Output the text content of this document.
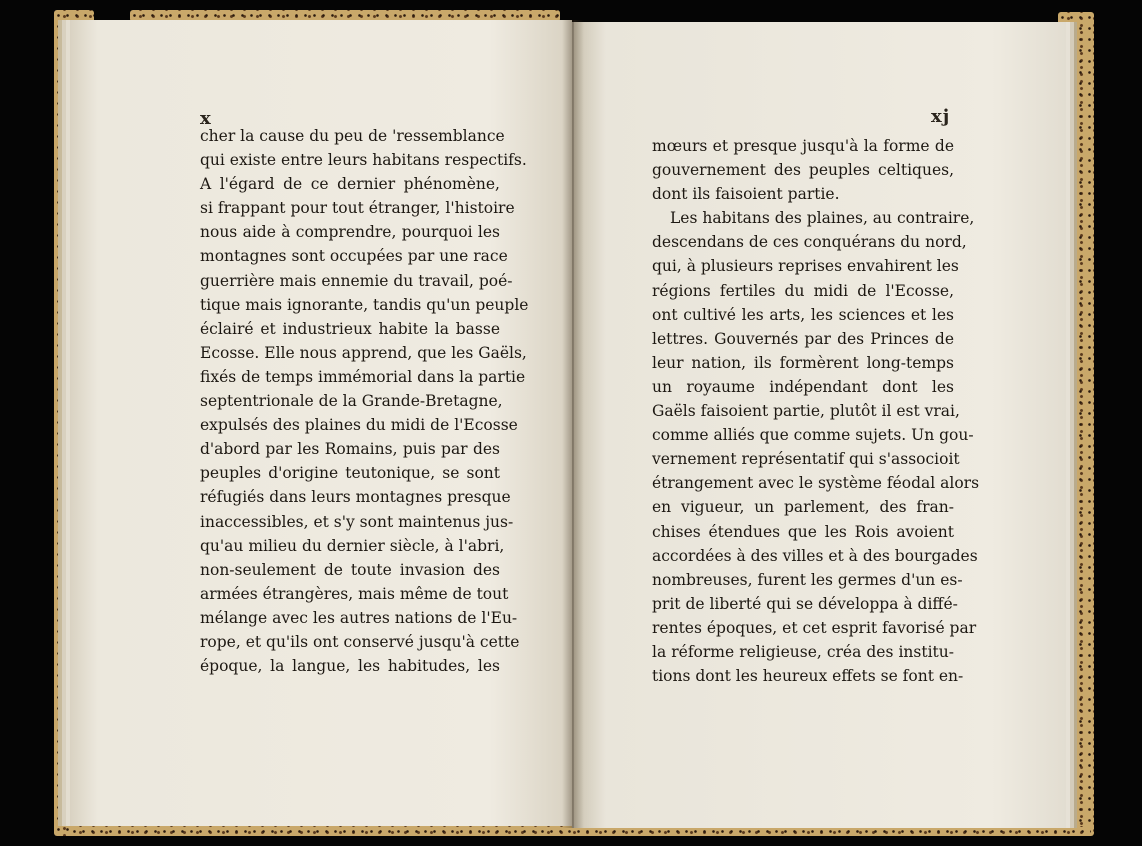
x
cher la cause du peu de 'ressemblance
qui existe entre leurs habitans respectifs.
A l'égard de ce dernier phénomène,
si frappant pour tout étranger, l'histoire
nous aide à comprendre, pourquoi les
montagnes sont occupées par une race
guerrière mais ennemie du travail, poé-
tique mais ignorante, tandis qu'un peuple
éclairé et industrieux habite la basse
Ecosse. Elle nous apprend, que les Gaëls,
fixés de temps immémorial dans la partie
septentrionale de la Grande-Bretagne,
expulsés des plaines du midi de l'Ecosse
d'abord par les Romains, puis par des
peuples d'origine teutonique, se sont
réfugiés dans leurs montagnes presque
inaccessibles, et s'y sont maintenus jus-
qu'au milieu du dernier siècle, à l'abri,
non-seulement de toute invasion des
armées étrangères, mais même de tout
mélange avec les autres nations de l'Eu-
rope, et qu'ils ont conservé jusqu'à cette
époque, la langue, les habitudes, les
xj
mœurs et presque jusqu'à la forme de
gouvernement des peuples celtiques,
dont ils faisoient partie.
Les habitans des plaines, au contraire,
descendans de ces conquérans du nord,
qui, à plusieurs reprises envahirent les
régions fertiles du midi de l'Ecosse,
ont cultivé les arts, les sciences et les
lettres. Gouvernés par des Princes de
leur nation, ils formèrent long-temps
un royaume indépendant dont les
Gaëls faisoient partie, plutôt il est vrai,
comme alliés que comme sujets. Un gou-
vernement représentatif qui s'associoit
étrangement avec le système féodal alors
en vigueur, un parlement, des fran-
chises étendues que les Rois avoient
accordées à des villes et à des bourgades
nombreuses, furent les germes d'un es-
prit de liberté qui se développa à diffé-
rentes époques, et cet esprit favorisé par
la réforme religieuse, créa des institu-
tions dont les heureux effets se font en-
